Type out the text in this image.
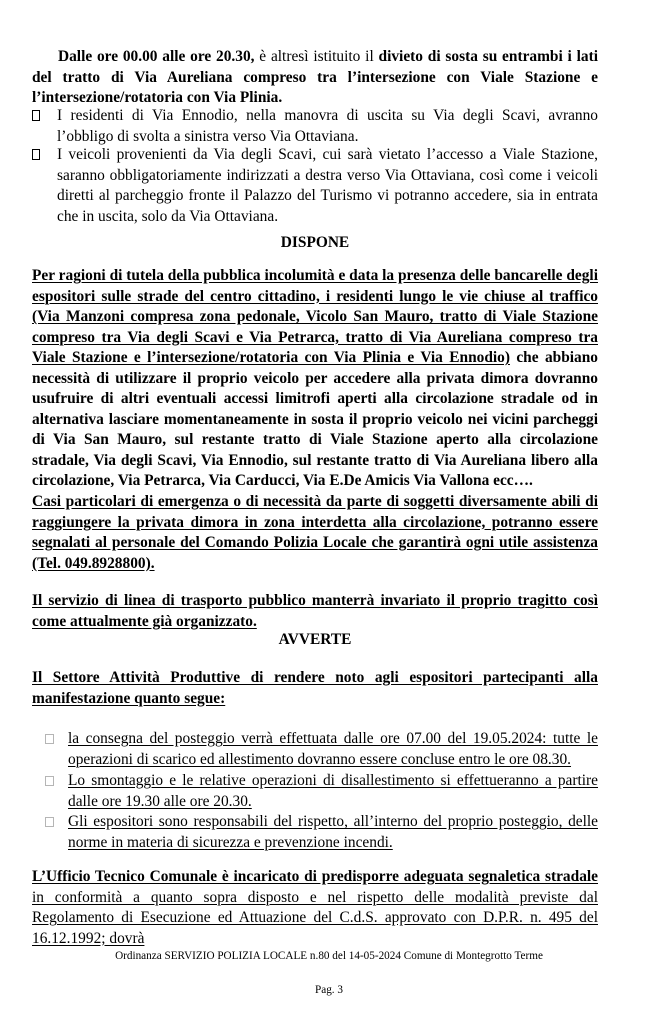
Dalle ore 00.00 alle ore 20.30, è altresì istituito il divieto di sosta su entrambi i lati del tratto di Via Aureliana compreso tra l’intersezione con Viale Stazione e l’intersezione/rotatoria con Via Plinia.
I residenti di Via Ennodio, nella manovra di uscita su Via degli Scavi, avranno l’obbligo di svolta a sinistra verso Via Ottaviana.
I veicoli provenienti da Via degli Scavi, cui sarà vietato l’accesso a Viale Stazione, saranno obbligatoriamente indirizzati a destra verso Via Ottaviana, così come i veicoli diretti al parcheggio fronte il Palazzo del Turismo vi potranno accedere, sia in entrata che in uscita, solo da Via Ottaviana.
DISPONE
Per ragioni di tutela della pubblica incolumità e data la presenza delle bancarelle degli espositori sulle strade del centro cittadino, i residenti lungo le vie chiuse al traffico (Via Manzoni compresa zona pedonale, Vicolo San Mauro, tratto di Viale Stazione compreso tra Via degli Scavi e Via Petrarca, tratto di Via Aureliana compreso tra Viale Stazione e l’intersezione/rotatoria con Via Plinia e Via Ennodio) che abbiano necessità di utilizzare il proprio veicolo per accedere alla privata dimora dovranno usufruire di altri eventuali accessi limitrofi aperti alla circolazione stradale od in alternativa lasciare momentaneamente in sosta il proprio veicolo nei vicini parcheggi di Via San Mauro, sul restante tratto di Viale Stazione aperto alla circolazione stradale, Via degli Scavi, Via Ennodio, sul restante tratto di Via Aureliana libero alla circolazione, Via Petrarca, Via Carducci, Via E.De Amicis Via Vallona ecc….
Casi particolari di emergenza o di necessità da parte di soggetti diversamente abili di raggiungere la privata dimora in zona interdetta alla circolazione, potranno essere segnalati al personale del Comando Polizia Locale che garantirà ogni utile assistenza (Tel. 049.8928800).
Il servizio di linea di trasporto pubblico manterrà invariato il proprio tragitto così come attualmente già organizzato.
AVVERTE
Il Settore Attività Produttive di rendere noto agli espositori partecipanti alla manifestazione quanto segue:
la consegna del posteggio verrà effettuata dalle ore 07.00 del 19.05.2024: tutte le operazioni di scarico ed allestimento dovranno essere concluse entro le ore 08.30.
Lo smontaggio e le relative operazioni di disallestimento si effettueranno a partire dalle ore 19.30 alle ore 20.30.
Gli espositori sono responsabili del rispetto, all’interno del proprio posteggio, delle norme in materia di sicurezza e prevenzione incendi.
L’Ufficio Tecnico Comunale è incaricato di predisporre adeguata segnaletica stradale in conformità a quanto sopra disposto e nel rispetto delle modalità previste dal Regolamento di Esecuzione ed Attuazione del C.d.S. approvato con D.P.R. n. 495 del 16.12.1992; dovrà
Ordinanza SERVIZIO POLIZIA LOCALE n.80 del 14-05-2024 Comune di Montegrotto Terme
Pag. 3
